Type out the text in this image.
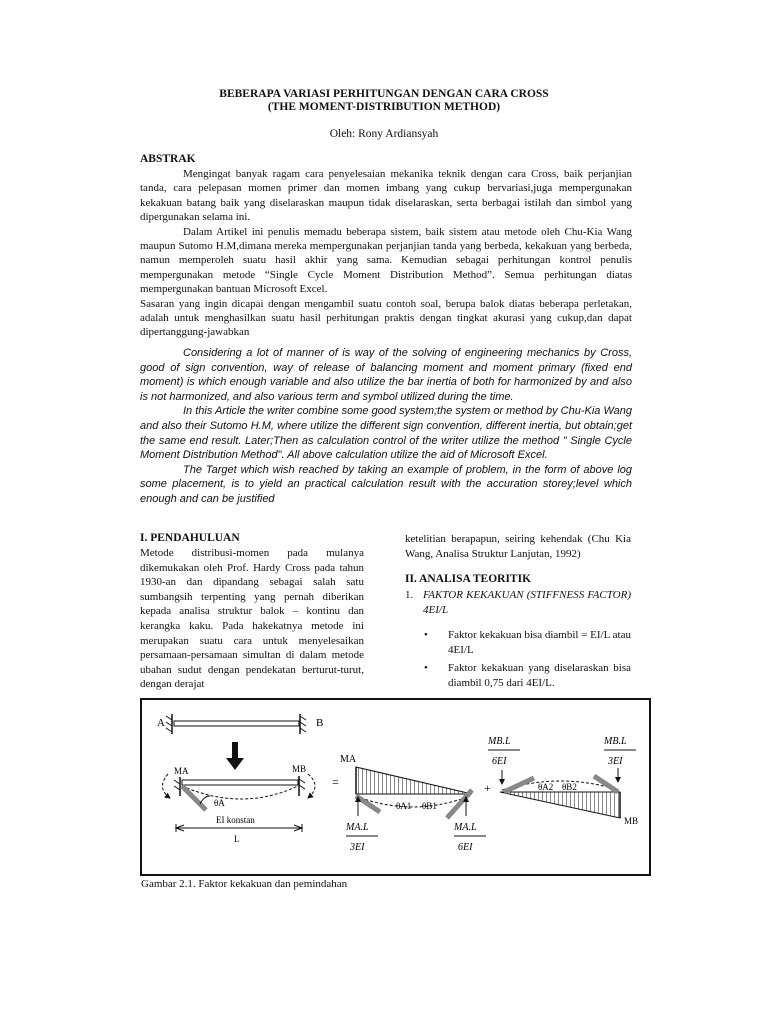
BEBERAPA VARIASI PERHITUNGAN DENGAN CARA CROSS
(THE MOMENT-DISTRIBUTION METHOD)
Oleh: Rony Ardiansyah
ABSTRAK
Mengingat banyak ragam cara penyelesaian mekanika teknik dengan cara Cross, baik perjanjian tanda, cara pelepasan momen primer dan momen imbang yang cukup bervariasi,juga mempergunakan kekakuan batang baik yang diselaraskan maupun tidak diselaraskan, serta berbagai istilah dan simbol yang dipergunakan selama ini.
Dalam Artikel ini penulis memadu beberapa sistem, baik sistem atau metode oleh Chu-Kia Wang maupun Sutomo H.M,dimana mereka mempergunakan perjanjian tanda yang berbeda, kekakuan yang berbeda, namun memperoleh suatu hasil akhir yang sama. Kemudian sebagai perhitungan kontrol penulis mempergunakan metode “Single Cycle Moment Distribution Method”. Semua perhitungan diatas mempergunakan bantuan Microsoft Excel.
Sasaran yang ingin dicapai dengan mengambil suatu contoh soal, berupa balok diatas beberapa perletakan, adalah untuk menghasilkan suatu hasil perhitungan praktis dengan tingkat akurasi yang cukup,dan dapat dipertanggung-jawabkan
Considering a lot of manner of is way of the solving of engineering mechanics by Cross, good of sign convention, way of release of balancing moment and moment primary (fixed end moment) is which enough variable and also utilize the bar inertia of both for harmonized by and also is not harmonized, and also various term and symbol utilized during the time.
In this Article the writer combine some good system;the system or method by Chu-Kia Wang and also their Sutomo H.M, where utilize the different sign convention, different inertia, but obtain;get the same end result. Later;Then as calculation control of the writer utilize the method " Single Cycle Moment Distribution Method". All above calculation utilize the aid of Microsoft Excel.
The Target which wish reached by taking an example of problem, in the form of above log some placement, is to yield an practical calculation result with the accuration storey;level which enough and can be justified
I. PENDAHULUAN
Metode distribusi-momen pada mulanya dikemukakan oleh Prof. Hardy Cross pada tahun 1930-an dan dipandang sebagai salah satu sumbangsih terpenting yang pernah diberikan kepada analisa struktur balok – kontinu dan kerangka kaku. Pada hakekatnya metode ini merupakan suatu cara untuk menyelesaikan persamaan-persamaan simultan di dalam metode ubahan sudut dengan pendekatan berturut-turut, dengan derajat
ketelitian berapapun, seiring kehendak (Chu Kia Wang, Analisa Struktur Lanjutan, 1992)
II. ANALISA TEORITIK
1. FAKTOR KEKAKUAN (STIFFNESS FACTOR) 4EI/L
• Faktor kekakuan bisa diambil = EI/L atau 4EI/L
• Faktor kekakuan yang diselaraskan bisa diambil 0,75 dari 4EI/L.
A	B
MA	MB
θA
EI konstan
L
=
MA
θA1 θB1
MA.L
3EI
MA.L
6EI
+
MB.L
6EI
MB.L
3EI
θA2 θB2
MB
Gambar 2.1. Faktor kekakuan dan pemindahan
